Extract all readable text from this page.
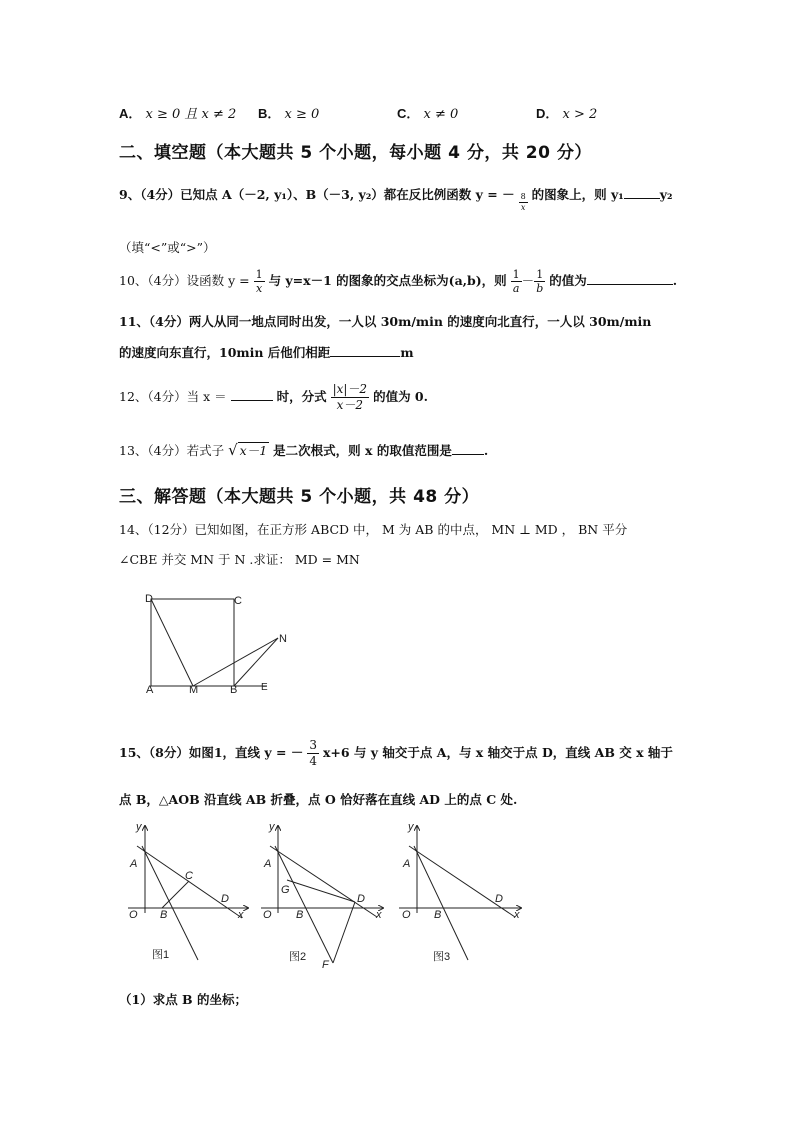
A． x ≥ 0 且 x ≠ 2 B． x ≥ 0	C． x ≠ 0	D． x > 2
二、填空题（本大题共 5 个小题，每小题 4 分，共 20 分）
9、（4分）已知点 A（－2, y₁）、B（－3, y₂）都在反比例函数 y = － $\frac{8}{x}$ 的图象上，则 y₁	y₂
（填“<”或“>”）
10、（4分）设函数 $y = \frac{1}{x}$ 与 y=x－1 的图象的交点坐标为(a,b)，则 $\frac{1}{a} - \frac{1}{b}$ 的值为	.
11、（4分）两人从同一地点同时出发，一人以 30m/min 的速度向北直行，一人以 30m/min
的速度向东直行，10min 后他们相距	m
12、（4分）当 x ＝	时，分式 $\frac{|x|-2}{x-2}$ 的值为 0.
13、（4分）若式子 √ x－1 是二次根式，则 x 的取值范围是	.
三、解答题（本大题共 5 个小题，共 48 分）
14、（12分）已知如图，在正方形 ABCD 中， M 为 AB 的中点， MN ⊥ MD ， BN 平分
∠CBE 并交 MN 于 N .求证： MD = MN
D	C
N
A	M	B E
15、（8分）如图1，直线 y = － $\frac{3}{4} x+6$ 与 y 轴交于点 A，与 x 轴交于点 D，直线 AB 交 x 轴于
点 B，△AOB 沿直线 AB 折叠，点 O 恰好落在直线 AD 上的点 C 处.
y
A
C
D
x
O B
图1
y
A
G
D
x
O B
F
图2
y
A
D
x
O B
图3
（1）求点 B 的坐标；
